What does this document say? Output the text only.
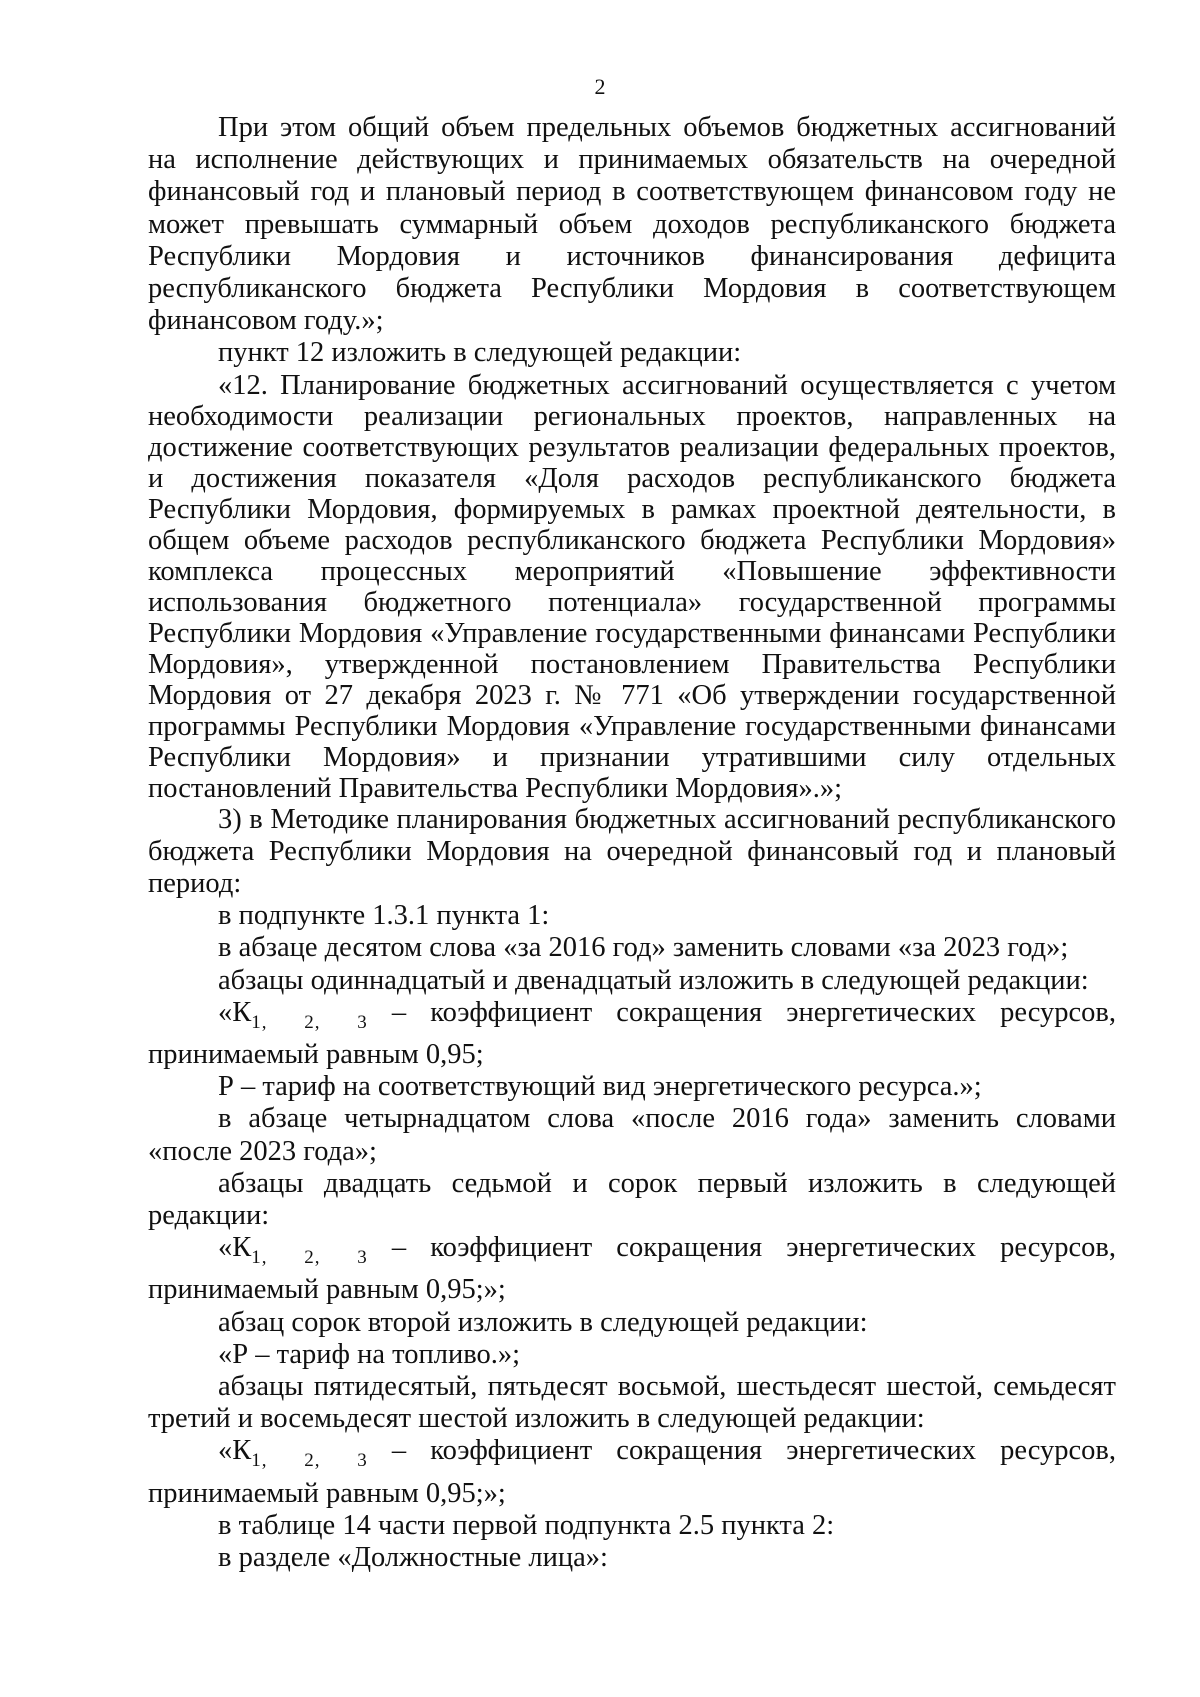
2

При этом общий объем предельных объемов бюджетных ассигнований на исполнение действующих и принимаемых обязательств на очередной финансовый год и плановый период в соответствующем финансовом году не может превышать суммарный объем доходов республиканского бюджета Республики Мордовия и источников финансирования дефицита республиканского бюджета Республики Мордовия в соответствующем финансовом году.»;

пункт 12 изложить в следующей редакции:

«12. Планирование бюджетных ассигнований осуществляется с учетом необходимости реализации региональных проектов, направленных на достижение соответствующих результатов реализации федеральных проектов, и достижения показателя «Доля расходов республиканского бюджета Республики Мордовия, формируемых в рамках проектной деятельности, в общем объеме расходов республиканского бюджета Республики Мордовия» комплекса процессных мероприятий «Повышение эффективности использования бюджетного потенциала» государственной программы Республики Мордовия «Управление государственными финансами Республики Мордовия», утвержденной постановлением Правительства Республики Мордовия от 27 декабря 2023 г. № 771 «Об утверждении государственной программы Республики Мордовия «Управление государственными финансами Республики Мордовия» и признании утратившими силу отдельных постановлений Правительства Республики Мордовия».»;

3) в Методике планирования бюджетных ассигнований республиканского бюджета Республики Мордовия на очередной финансовый год и плановый период:

в подпункте 1.3.1 пункта 1:

в абзаце десятом слова «за 2016 год» заменить словами «за 2023 год»;

абзацы одиннадцатый и двенадцатый изложить в следующей редакции:

«$К_{1, 2, 3}$ – коэффициент сокращения энергетических ресурсов, принимаемый равным 0,95;

Р – тариф на соответствующий вид энергетического ресурса.»;

в абзаце четырнадцатом слова «после 2016 года» заменить словами «после 2023 года»;

абзацы двадцать седьмой и сорок первый изложить в следующей редакции:

«$К_{1, 2, 3}$ – коэффициент сокращения энергетических ресурсов, принимаемый равным 0,95;»;

абзац сорок второй изложить в следующей редакции:

«Р – тариф на топливо.»;

абзацы пятидесятый, пятьдесят восьмой, шестьдесят шестой, семьдесят третий и восемьдесят шестой изложить в следующей редакции:

«$К_{1, 2, 3}$ – коэффициент сокращения энергетических ресурсов, принимаемый равным 0,95;»;

в таблице 14 части первой подпункта 2.5 пункта 2:

в разделе «Должностные лица»:
